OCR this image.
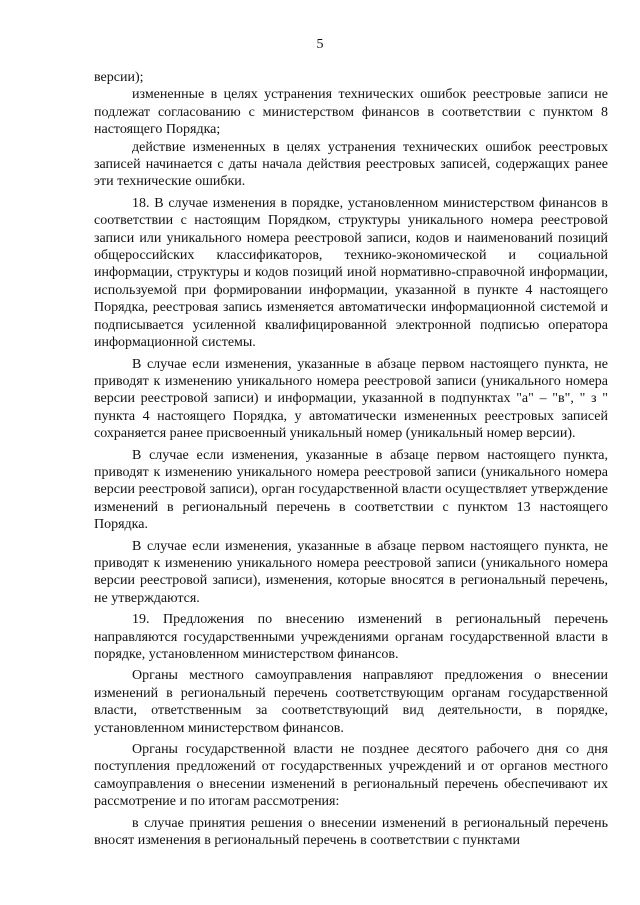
5

версии);

измененные в целях устранения технических ошибок реестровые записи не подлежат согласованию с министерством финансов в соответствии с пунктом 8 настоящего Порядка;

действие измененных в целях устранения технических ошибок реестровых записей начинается с даты начала действия реестровых записей, содержащих ранее эти технические ошибки.

18. В случае изменения в порядке, установленном министерством финансов в соответствии с настоящим Порядком, структуры уникального номера реестровой записи или уникального номера реестровой записи, кодов и наименований позиций общероссийских классификаторов, технико-экономической и социальной информации, структуры и кодов позиций иной нормативно-справочной информации, используемой при формировании информации, указанной в пункте 4 настоящего Порядка, реестровая запись изменяется автоматически информационной системой и подписывается усиленной квалифицированной электронной подписью оператора информационной системы.

В случае если изменения, указанные в абзаце первом настоящего пункта, не приводят к изменению уникального номера реестровой записи (уникального номера версии реестровой записи) и информации, указанной в подпунктах "а" – "в", " з " пункта 4 настоящего Порядка, у автоматически измененных реестровых записей сохраняется ранее присвоенный уникальный номер (уникальный номер версии).

В случае если изменения, указанные в абзаце первом настоящего пункта, приводят к изменению уникального номера реестровой записи (уникального номера версии реестровой записи), орган государственной власти осуществляет утверждение изменений в региональный перечень в соответствии с пунктом 13 настоящего Порядка.

В случае если изменения, указанные в абзаце первом настоящего пункта, не приводят к изменению уникального номера реестровой записи (уникального номера версии реестровой записи), изменения, которые вносятся в региональный перечень, не утверждаются.

19. Предложения по внесению изменений в региональный перечень направляются государственными учреждениями органам государственной власти в порядке, установленном министерством финансов.

Органы местного самоуправления направляют предложения о внесении изменений в региональный перечень соответствующим органам государственной власти, ответственным за соответствующий вид деятельности, в порядке, установленном министерством финансов.

Органы государственной власти не позднее десятого рабочего дня со дня поступления предложений от государственных учреждений и от органов местного самоуправления о внесении изменений в региональный перечень обеспечивают их рассмотрение и по итогам рассмотрения:

в случае принятия решения о внесении изменений в региональный перечень вносят изменения в региональный перечень в соответствии с пунктами
